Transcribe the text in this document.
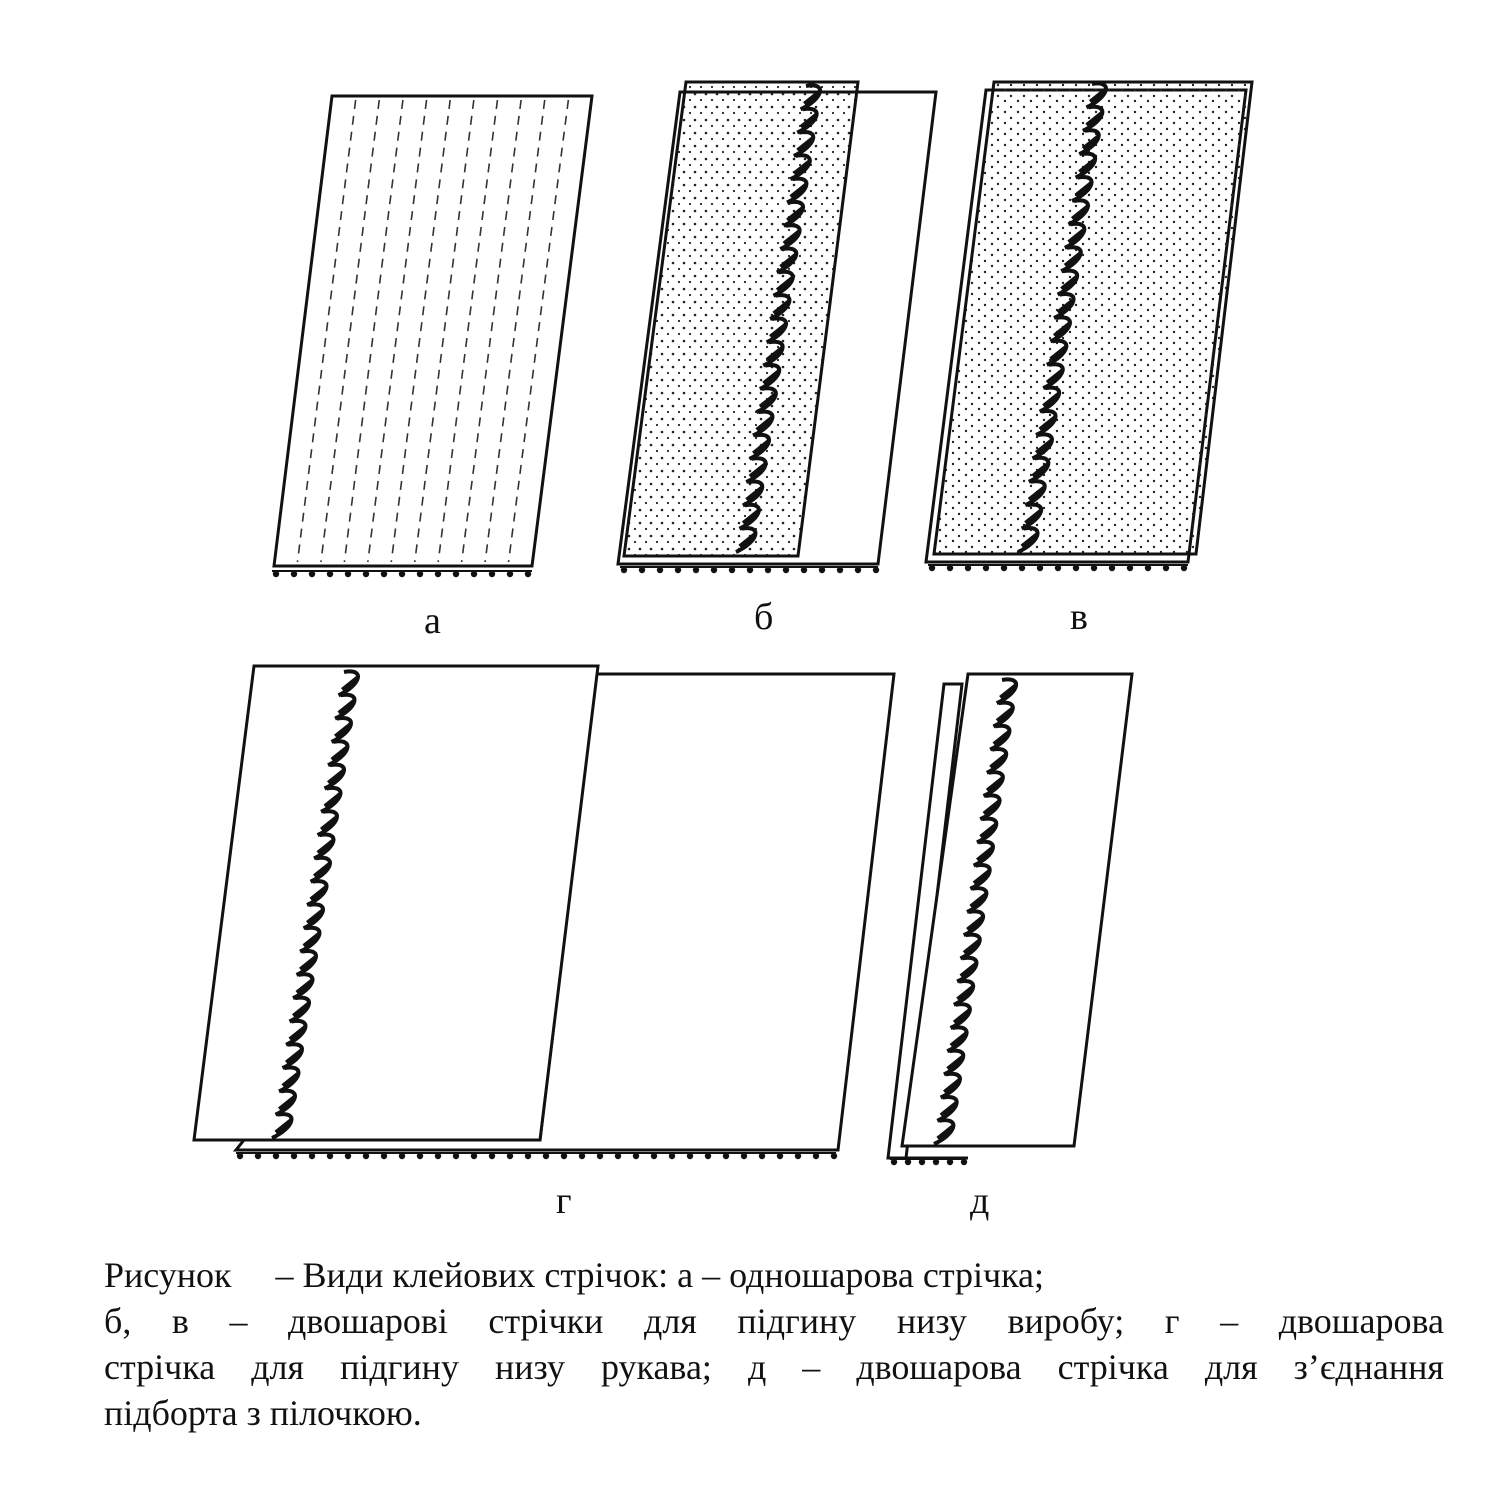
а	б	в
г	д
Рисунок – Види клейових стрічок: а – одношарова стрічка;
б, в – двошарові стрічки для підгину низу виробу; г – двошарова
стрічка для підгину низу рукава; д – двошарова стрічка для з’єднання
підборта з пілочкою.
